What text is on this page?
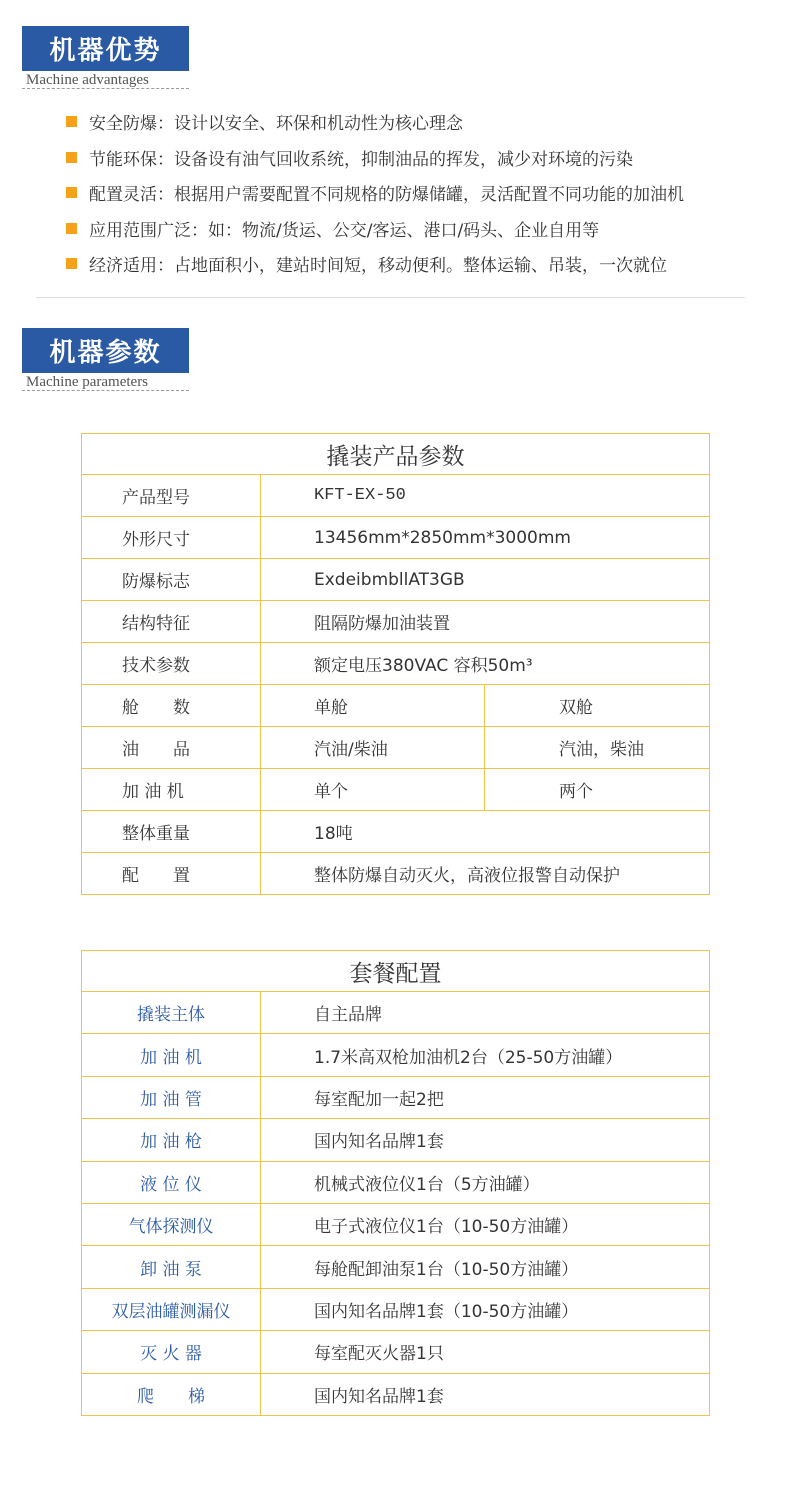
机器优势
Machine advantages
安全防爆：设计以安全、环保和机动性为核心理念
节能环保：设备设有油气回收系统，抑制油品的挥发，减少对环境的污染
配置灵活：根据用户需要配置不同规格的防爆储罐，灵活配置不同功能的加油机
应用范围广泛：如：物流/货运、公交/客运、港口/码头、企业自用等
经济适用：占地面积小，建站时间短，移动便利。整体运输、吊装，一次就位
机器参数
Machine parameters
撬装产品参数		
产品型号	KFT-EX-50	
外形尺寸	13456mm*2850mm*3000mm	
防爆标志	ExdeibmbllAT3GB	
结构特征	阻隔防爆加油装置	
技术参数	额定电压380VAC 容积50m³	
舱　　数	单舱	双舱
油　　品	汽油/柴油	汽油，柴油
加 油 机	单个	两个
整体重量	18吨	
配　　置	整体防爆自动灭火，高液位报警自动保护	
套餐配置	
撬装主体	自主品牌
加 油 机	1.7米高双枪加油机2台（25-50方油罐）
加 油 管	每室配加一起2把
加 油 枪	国内知名品牌1套
液 位 仪	机械式液位仪1台（5方油罐）
气体探测仪	电子式液位仪1台（10-50方油罐）
卸 油 泵	每舱配卸油泵1台（10-50方油罐）
双层油罐测漏仪	国内知名品牌1套（10-50方油罐）
灭 火 器	每室配灭火器1只
爬　　梯	国内知名品牌1套
